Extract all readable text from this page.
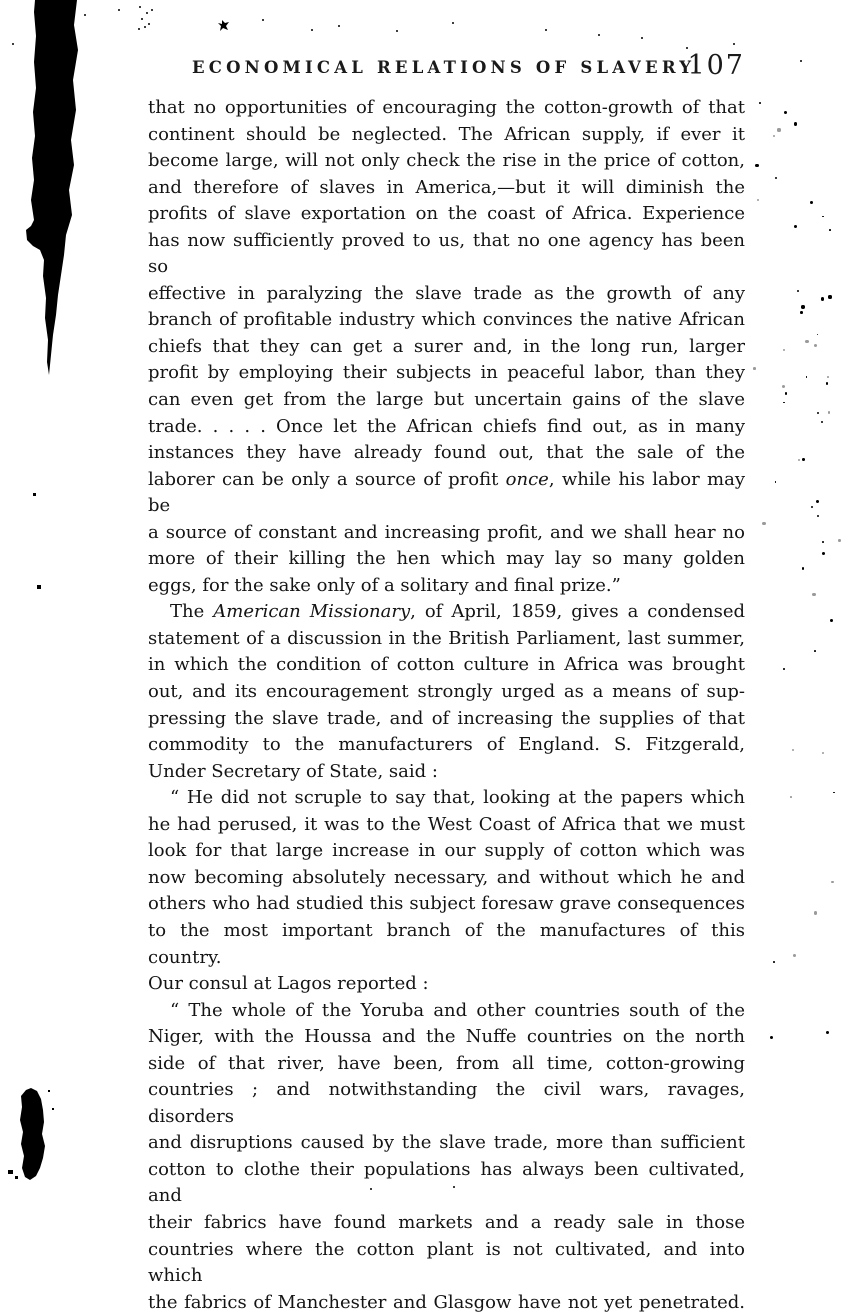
ECONOMICAL RELATIONS OF SLAVERY.
107
that no opportunities of encouraging the cotton-growth of that
continent should be neglected. The African supply, if ever it
become large, will not only check the rise in the price of cotton,
and therefore of slaves in America,—but it will diminish the
profits of slave exportation on the coast of Africa. Experience
has now sufficiently proved to us, that no one agency has been so
effective in paralyzing the slave trade as the growth of any
branch of profitable industry which convinces the native African
chiefs that they can get a surer and, in the long run, larger
profit by employing their subjects in peaceful labor, than they
can even get from the large but uncertain gains of the slave
trade. . . . . Once let the African chiefs find out, as in many
instances they have already found out, that the sale of the
laborer can be only a source of profit once, while his labor may be
a source of constant and increasing profit, and we shall hear no
more of their killing the hen which may lay so many golden
eggs, for the sake only of a solitary and final prize.”
The American Missionary, of April, 1859, gives a condensed
statement of a discussion in the British Parliament, last summer,
in which the condition of cotton culture in Africa was brought
out, and its encouragement strongly urged as a means of sup-
pressing the slave trade, and of increasing the supplies of that
commodity to the manufacturers of England. S. Fitzgerald,
Under Secretary of State, said :
“ He did not scruple to say that, looking at the papers which
he had perused, it was to the West Coast of Africa that we must
look for that large increase in our supply of cotton which was
now becoming absolutely necessary, and without which he and
others who had studied this subject foresaw grave consequences
to the most important branch of the manufactures of this country.
Our consul at Lagos reported :
“ The whole of the Yoruba and other countries south of the
Niger, with the Houssa and the Nuffe countries on the north
side of that river, have been, from all time, cotton-growing
countries ; and notwithstanding the civil wars, ravages, disorders
and disruptions caused by the slave trade, more than sufficient
cotton to clothe their populations has always been cultivated, and
their fabrics have found markets and a ready sale in those
countries where the cotton plant is not cultivated, and into which
the fabrics of Manchester and Glasgow have not yet penetrated.
